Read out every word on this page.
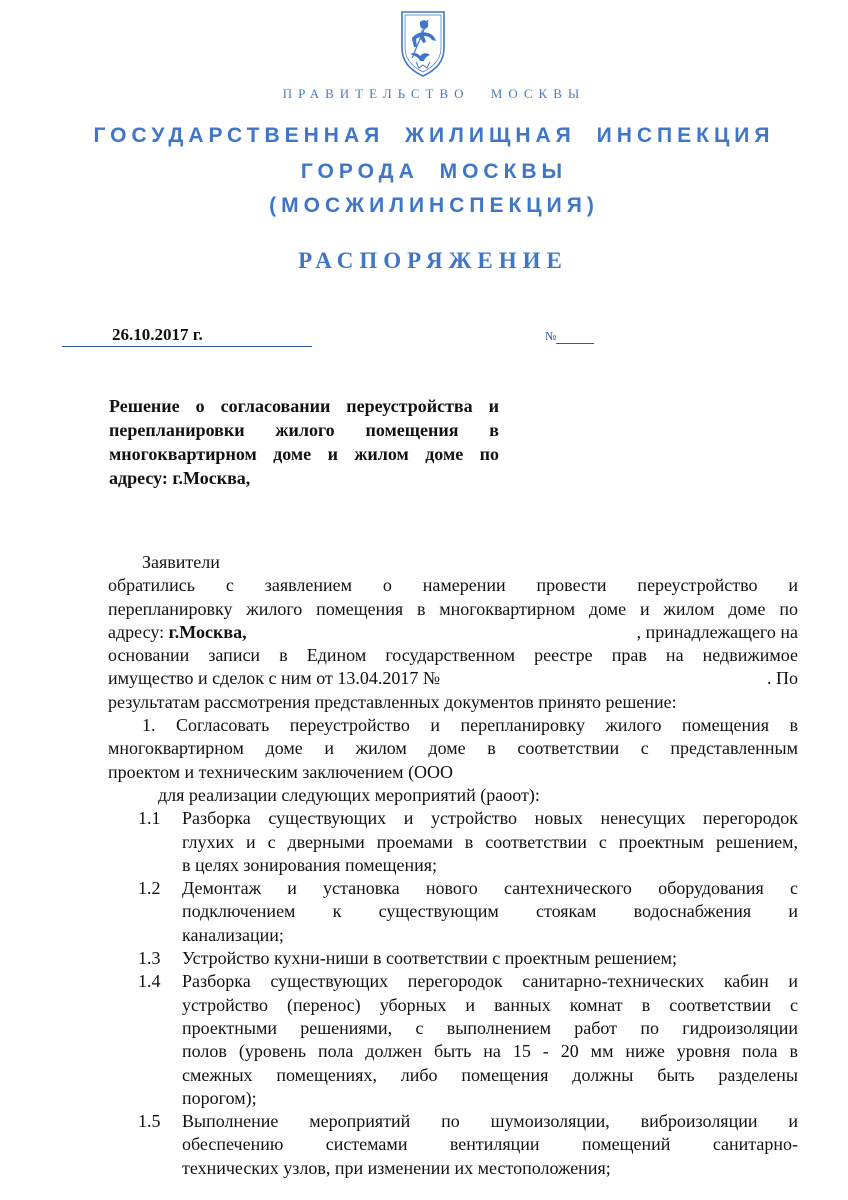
ПРАВИТЕЛЬСТВО МОСКВЫ
ГОСУДАРСТВЕННАЯ ЖИЛИЩНАЯ ИНСПЕКЦИЯ
ГОРОДА МОСКВЫ
(МОСЖИЛИНСПЕКЦИЯ)
РАСПОРЯЖЕНИЕ
26.10.2017 г.	№
Решение о согласовании переустройства и
перепланировки жилого помещения в
многоквартирном доме и жилом доме по
адресу: г.Москва,

Заявители

обратились с заявлением о намерении провести переустройство и

перепланировку жилого помещения в многоквартирном доме и жилом доме по

адресу: г.Москва,	, принадлежащего на

основании записи в Едином государственном реестре прав на недвижимое

имущество и сделок с ним от 13.04.2017 №	. По

результатам рассмотрения представленных документов принято решение:

1. Согласовать переустройство и перепланировку жилого помещения в

многоквартирном доме и жилом доме в соответствии с представленным

проектом и техническим заключением (ООО

для реализации следующих мероприятий (раоот):

1.1	Разборка существующих и устройство новых ненесущих перегородок
глухих и с дверными проемами в соответствии с проектным решением,
в целях зонирования помещения;
1.2	Демонтаж и установка нового сантехнического оборудования с
подключением к существующим стоякам водоснабжения и
канализации;
1.3	Устройство кухни-ниши в соответствии с проектным решением;
1.4	Разборка существующих перегородок санитарно-технических кабин и
устройство (перенос) уборных и ванных комнат в соответствии с
проектными решениями, с выполнением работ по гидроизоляции
полов (уровень пола должен быть на 15 - 20 мм ниже уровня пола в
смежных помещениях, либо помещения должны быть разделены
порогом);
1.5	Выполнение мероприятий по шумоизоляции, виброизоляции и
обеспечению системами вентиляции помещений санитарно-
технических узлов, при изменении их местоположения;
